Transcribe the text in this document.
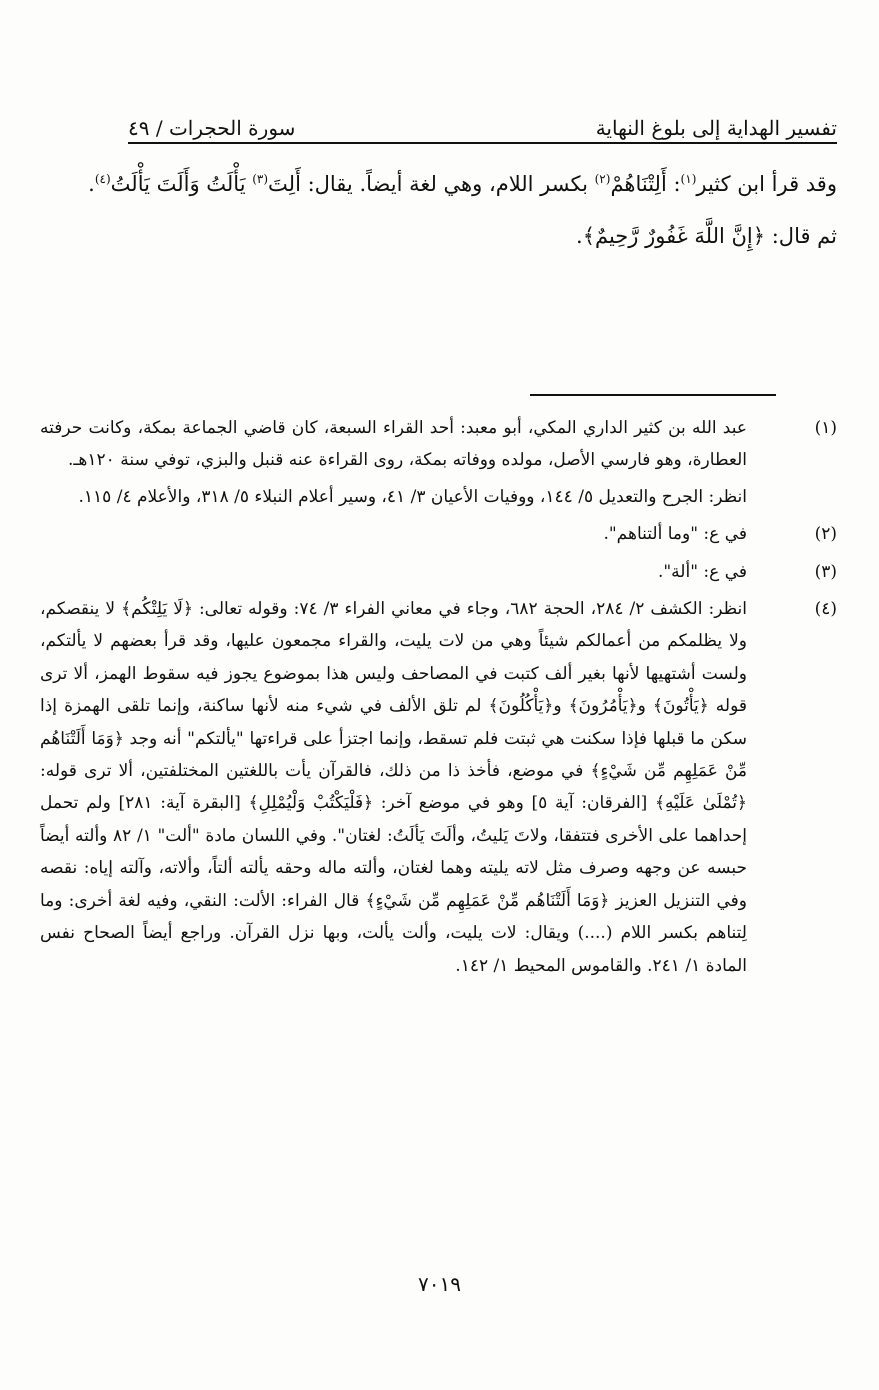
تفسير الهداية إلى بلوغ النهاية
سورة الحجرات / ٤٩

وقد قرأ ابن كثير$^{(١)}$: أَلِتْنَاهُمْ$^{(٢)}$ بكسر اللام، وهي لغة أيضاً. يقال: أَلِتَ$^{(٣)}$ يَأْلَتُ وَأَلَتَ يَأْلَتُ$^{(٤)}$.

ثم قال: ﴿إِنَّ اللَّهَ غَفُورٌ رَّحِيمٌ﴾.

(١)

عبد الله بن كثير الداري المكي، أبو معبد: أحد القراء السبعة، كان قاضي الجماعة بمكة، وكانت حرفته العطارة، وهو فارسي الأصل، مولده ووفاته بمكة، روى القراءة عنه قنبل والبزي، توفي سنة ١٢٠هـ.

انظر: الجرح والتعديل ٥/ ١٤٤، ووفيات الأعيان ٣/ ٤١، وسير أعلام النبلاء ٥/ ٣١٨، والأعلام ٤/ ١١٥.

(٢)

في ع: "وما ألتناهم".

(٣)

في ع: "ألة".

(٤)

انظر: الكشف ٢/ ٢٨٤، الحجة ٦٨٢، وجاء في معاني الفراء ٣/ ٧٤: وقوله تعالى: ﴿لَا يَلِتْكُم﴾ لا ينقصكم، ولا يظلمكم من أعمالكم شيئاً وهي من لات يليت، والقراء مجمعون عليها، وقد قرأ بعضهم لا يألتكم، ولست أشتهيها لأنها بغير ألف كتبت في المصاحف وليس هذا بموضوع يجوز فيه سقوط الهمز، ألا ترى قوله ﴿يَأْتُونَ﴾ و﴿يَأْمُرُونَ﴾ و﴿يَأْكُلُونَ﴾ لم تلق الألف في شيء منه لأنها ساكنة، وإنما تلقى الهمزة إذا سكن ما قبلها فإذا سكنت هي ثبتت فلم تسقط، وإنما اجتزأ على قراءتها "يألتكم" أنه وجد ﴿وَمَا أَلَتْنَاهُم مِّنْ عَمَلِهِم مِّن شَيْءٍ﴾ في موضع، فأخذ ذا من ذلك، فالقرآن يأت باللغتين المختلفتين، ألا ترى قوله: ﴿تُمْلَىٰ عَلَيْهِ﴾ [الفرقان: آية ٥] وهو في موضع آخر: ﴿فَلْيَكْتُبْ وَلْيُمْلِلِ﴾ [البقرة آية: ٢٨١] ولم تحمل إحداهما على الأخرى فتتفقا، ولاتَ يَليتُ، وألَتَ يَألَتُ: لغتان". وفي اللسان مادة "ألت" ١/ ٨٢ وألته أيضاً حبسه عن وجهه وصرف مثل لاته يليته وهما لغتان، وألته ماله وحقه يألته ألتاً، وألاته، وآلته إياه: نقصه وفي التنزيل العزيز ﴿وَمَا أَلَتْنَاهُم مِّنْ عَمَلِهِم مِّن شَيْءٍ﴾ قال الفراء: الألت: النقي، وفيه لغة أخرى: وما لِتناهم بكسر اللام (....) ويقال: لات يليت، وألت يألت، وبها نزل القرآن. وراجع أيضاً الصحاح نفس المادة ١/ ٢٤١. والقاموس المحيط ١/ ١٤٢.

٧٠١٩
